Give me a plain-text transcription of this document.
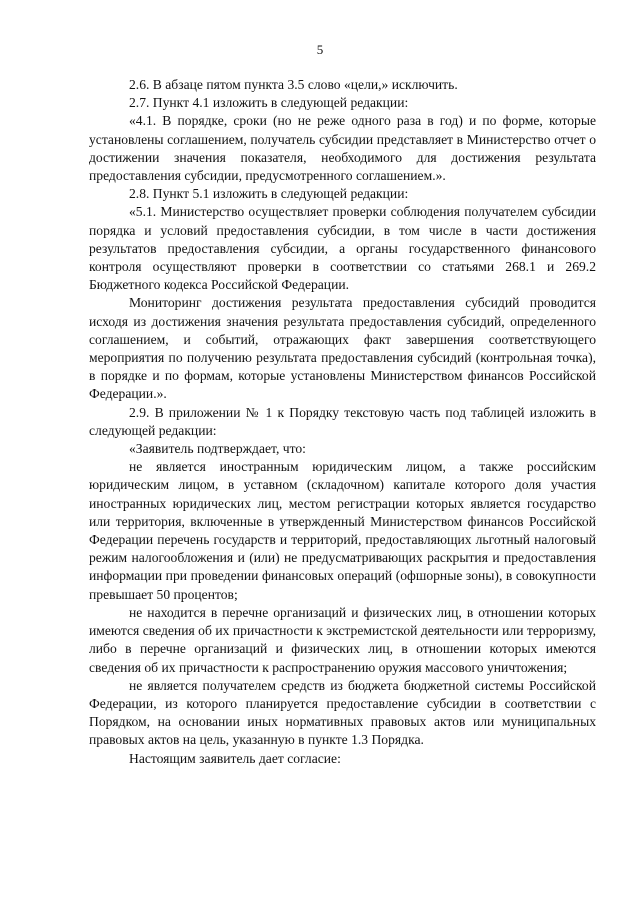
5

2.6. В абзаце пятом пункта 3.5 слово «цели,» исключить.

2.7. Пункт 4.1 изложить в следующей редакции:

«4.1. В порядке, сроки (но не реже одного раза в год) и по форме, которые установлены соглашением, получатель субсидии представляет в Министерство отчет о достижении значения показателя, необходимого для достижения результата предоставления субсидии, предусмотренного соглашением.».

2.8. Пункт 5.1 изложить в следующей редакции:

«5.1. Министерство осуществляет проверки соблюдения получателем субсидии порядка и условий предоставления субсидии, в том числе в части достижения результатов предоставления субсидии, а органы государственного финансового контроля осуществляют проверки в соответствии со статьями 268.1 и 269.2 Бюджетного кодекса Российской Федерации.

Мониторинг достижения результата предоставления субсидий проводится исходя из достижения значения результата предоставления субсидий, определенного соглашением, и событий, отражающих факт завершения соответствующего мероприятия по получению результата предоставления субсидий (контрольная точка), в порядке и по формам, которые установлены Министерством финансов Российской Федерации.».

2.9. В приложении № 1 к Порядку текстовую часть под таблицей изложить в следующей редакции:

«Заявитель подтверждает, что:

не является иностранным юридическим лицом, а также российским юридическим лицом, в уставном (складочном) капитале которого доля участия иностранных юридических лиц, местом регистрации которых является государство или территория, включенные в утвержденный Министерством финансов Российской Федерации перечень государств и территорий, предоставляющих льготный налоговый режим налогообложения и (или) не предусматривающих раскрытия и предоставления информации при проведении финансовых операций (офшорные зоны), в совокупности превышает 50 процентов;

не находится в перечне организаций и физических лиц, в отношении которых имеются сведения об их причастности к экстремистской деятельности или терроризму, либо в перечне организаций и физических лиц, в отношении которых имеются сведения об их причастности к распространению оружия массового уничтожения;

не является получателем средств из бюджета бюджетной системы Российской Федерации, из которого планируется предоставление субсидии в соответствии с Порядком, на основании иных нормативных правовых актов или муниципальных правовых актов на цель, указанную в пункте 1.3 Порядка.

Настоящим заявитель дает согласие:
